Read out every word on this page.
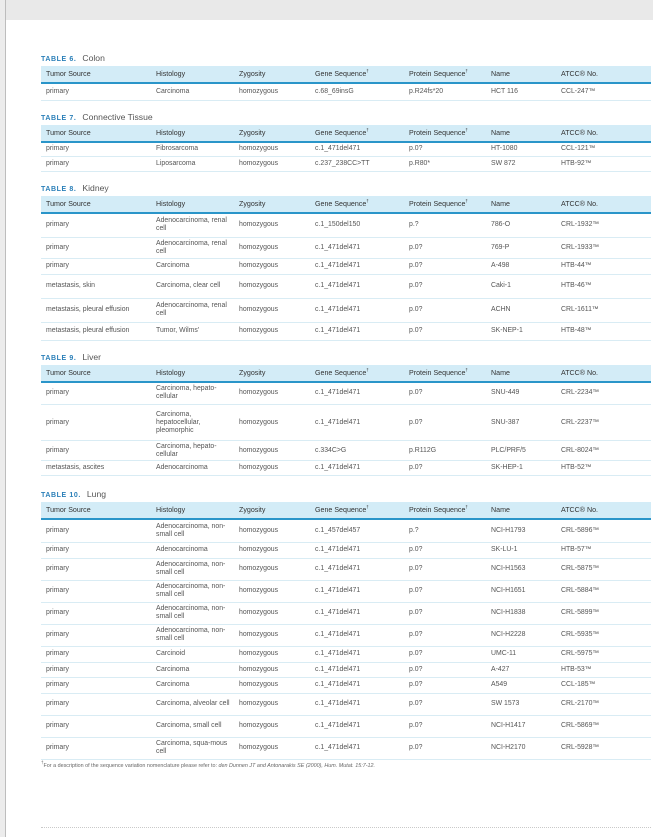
TABLE 6. Colon
Tumor Source	Histology	Zygosity	Gene Sequence†	Protein Sequence†	Name	ATCC® No.
primary	Carcinoma	homozygous	c.68_69insG	p.R24fs*20	HCT 116	CCL-247™
TABLE 7. Connective Tissue
Tumor Source	Histology	Zygosity	Gene Sequence†	Protein Sequence†	Name	ATCC® No.
primary	Fibrosarcoma	homozygous	c.1_471del471	p.0?	HT-1080	CCL-121™
primary	Liposarcoma	homozygous	c.237_238CC>TT	p.R80*	SW 872	HTB-92™
TABLE 8. Kidney
Tumor Source	Histology	Zygosity	Gene Sequence†	Protein Sequence†	Name	ATCC® No.
primary	Adenocarcinoma, renal cell	homozygous	c.1_150del150	p.?	786-O	CRL-1932™
primary	Adenocarcinoma, renal cell	homozygous	c.1_471del471	p.0?	769-P	CRL-1933™
primary	Carcinoma	homozygous	c.1_471del471	p.0?	A-498	HTB-44™
metastasis, skin	Carcinoma, clear cell	homozygous	c.1_471del471	p.0?	Caki-1	HTB-46™
metastasis, pleural effusion	Adenocarcinoma, renal cell	homozygous	c.1_471del471	p.0?	ACHN	CRL-1611™
metastasis, pleural effusion	Tumor, Wilms'	homozygous	c.1_471del471	p.0?	SK-NEP-1	HTB-48™
TABLE 9. Liver
Tumor Source	Histology	Zygosity	Gene Sequence†	Protein Sequence†	Name	ATCC® No.
primary	Carcinoma, hepato-cellular	homozygous	c.1_471del471	p.0?	SNU-449	CRL-2234™
primary	Carcinoma, hepatocellular, pleomorphic	homozygous	c.1_471del471	p.0?	SNU-387	CRL-2237™
primary	Carcinoma, hepato-cellular	homozygous	c.334C>G	p.R112G	PLC/PRF/5	CRL-8024™
metastasis, ascites	Adenocarcinoma	homozygous	c.1_471del471	p.0?	SK-HEP-1	HTB-52™
TABLE 10. Lung
Tumor Source	Histology	Zygosity	Gene Sequence†	Protein Sequence†	Name	ATCC® No.
primary	Adenocarcinoma, non-small cell	homozygous	c.1_457del457	p.?	NCI-H1793	CRL-5896™
primary	Adenocarcinoma	homozygous	c.1_471del471	p.0?	SK-LU-1	HTB-57™
primary	Adenocarcinoma, non-small cell	homozygous	c.1_471del471	p.0?	NCI-H1563	CRL-5875™
primary	Adenocarcinoma, non-small cell	homozygous	c.1_471del471	p.0?	NCI-H1651	CRL-5884™
primary	Adenocarcinoma, non-small cell	homozygous	c.1_471del471	p.0?	NCI-H1838	CRL-5899™
primary	Adenocarcinoma, non-small cell	homozygous	c.1_471del471	p.0?	NCI-H2228	CRL-5935™
primary	Carcinoid	homozygous	c.1_471del471	p.0?	UMC-11	CRL-5975™
primary	Carcinoma	homozygous	c.1_471del471	p.0?	A-427	HTB-53™
primary	Carcinoma	homozygous	c.1_471del471	p.0?	A549	CCL-185™
primary	Carcinoma, alveolar cell	homozygous	c.1_471del471	p.0?	SW 1573	CRL-2170™
primary	Carcinoma, small cell	homozygous	c.1_471del471	p.0?	NCI-H1417	CRL-5869™
primary	Carcinoma, squa-mous cell	homozygous	c.1_471del471	p.0?	NCI-H2170	CRL-5928™
†For a description of the sequence variation nomenclature please refer to: den Dunnen JT and Antonarakis SE (2000), Hum. Mutat. 15:7-12.
